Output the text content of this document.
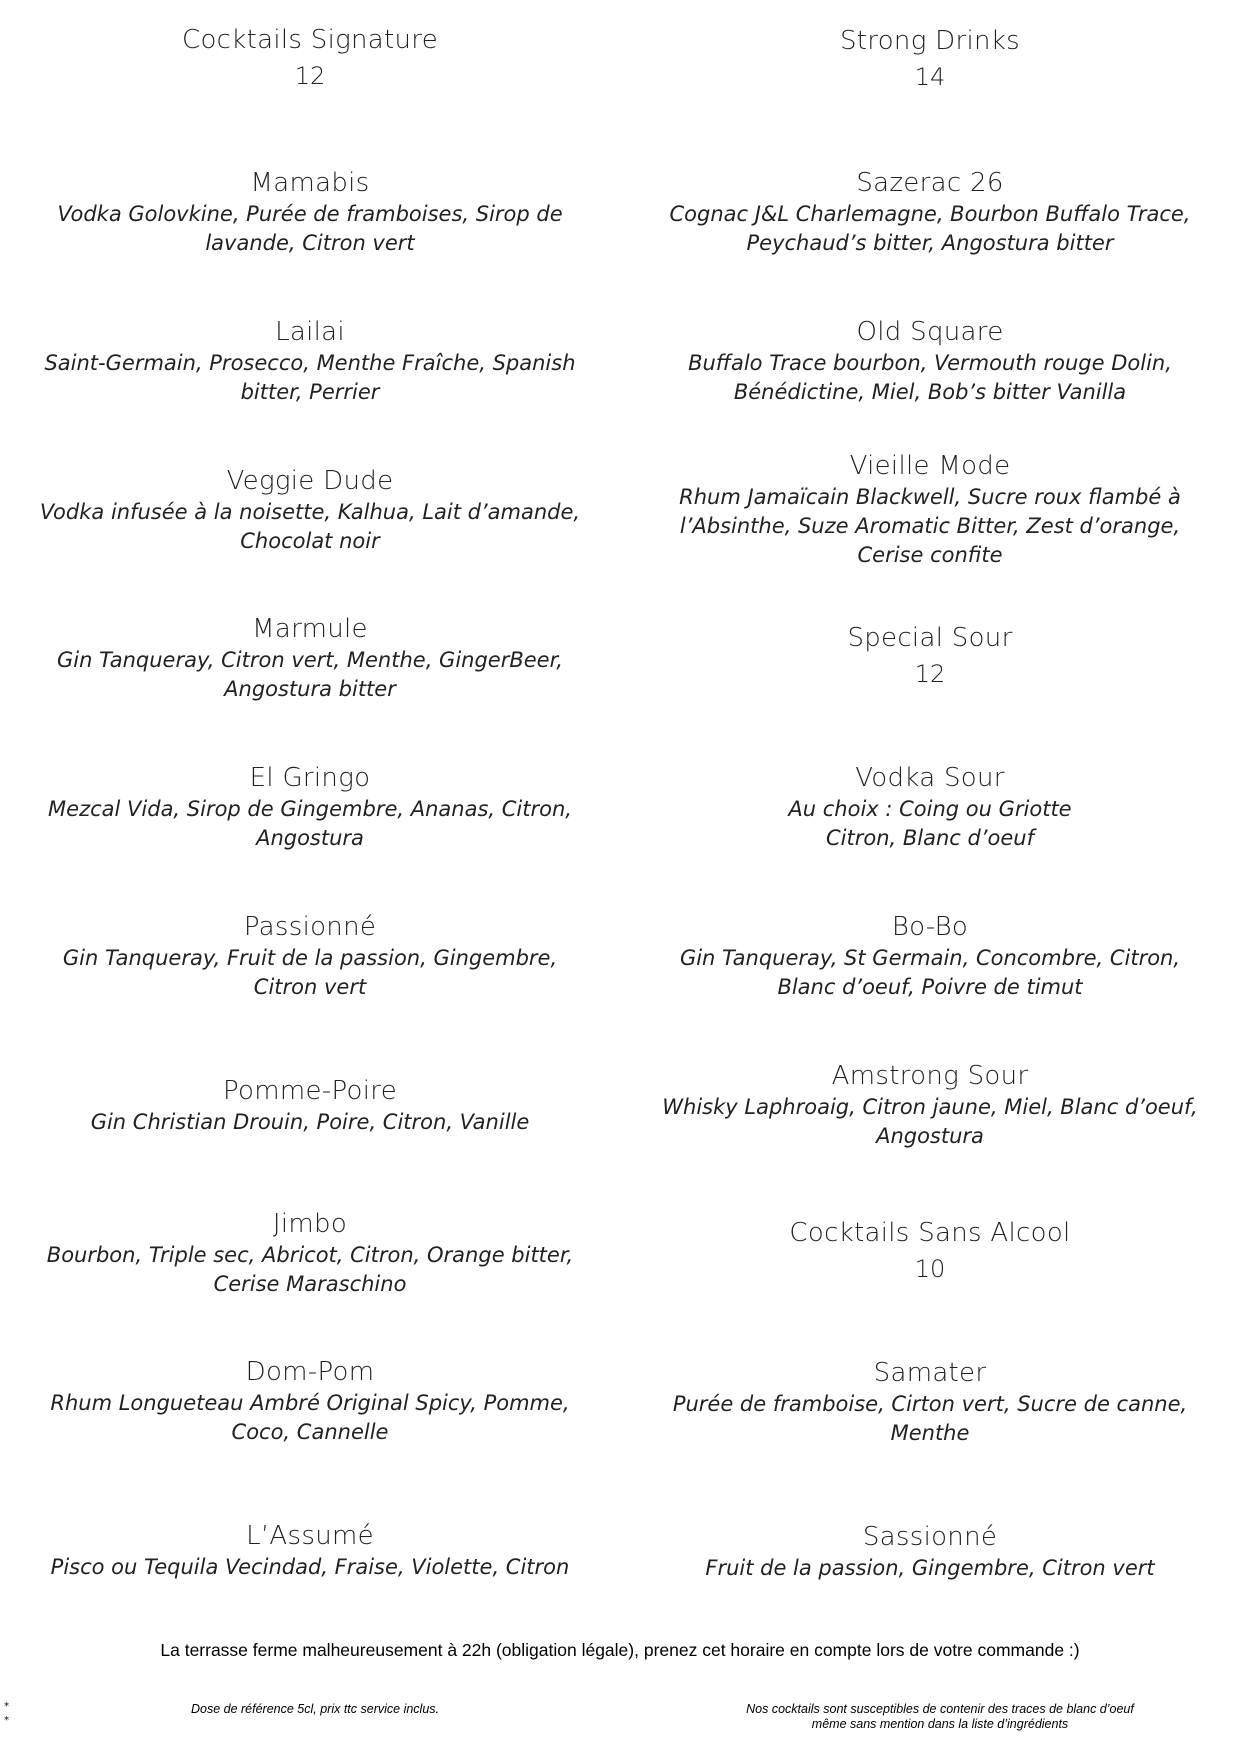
Cocktails Signature
12
Mamabis
Vodka Golovkine, Purée de framboises, Sirop de lavande, Citron vert
Lailai
Saint-Germain, Prosecco, Menthe Fraîche, Spanish bitter, Perrier
Veggie Dude
Vodka infusée à la noisette, Kalhua, Lait d’amande, Chocolat noir
Marmule
Gin Tanqueray, Citron vert, Menthe, GingerBeer, Angostura bitter
El Gringo
Mezcal Vida, Sirop de Gingembre, Ananas, Citron, Angostura
Passionné
Gin Tanqueray, Fruit de la passion, Gingembre, Citron vert
Pomme-Poire
Gin Christian Drouin, Poire, Citron, Vanille
Jimbo
Bourbon, Triple sec, Abricot, Citron, Orange bitter, Cerise Maraschino
Dom-Pom
Rhum Longueteau Ambré Original Spicy, Pomme, Coco, Cannelle
L’Assumé
Pisco ou Tequila Vecindad, Fraise, Violette, Citron
Strong Drinks
14
Sazerac 26
Cognac J&L Charlemagne, Bourbon Buffalo Trace, Peychaud’s bitter, Angostura bitter
Old Square
Buffalo Trace bourbon, Vermouth rouge Dolin, Bénédictine, Miel, Bob’s bitter Vanilla
Vieille Mode
Rhum Jamaïcain Blackwell, Sucre roux flambé à l’Absinthe, Suze Aromatic Bitter, Zest d’orange, Cerise confite
Special Sour
12
Vodka Sour
Au choix : Coing ou Griotte
Citron, Blanc d’oeuf
Bo-Bo
Gin Tanqueray, St Germain, Concombre, Citron, Blanc d’oeuf, Poivre de timut
Amstrong Sour
Whisky Laphroaig, Citron jaune, Miel, Blanc d’oeuf, Angostura
Cocktails Sans Alcool
10
Samater
Purée de framboise, Cirton vert, Sucre de canne, Menthe
Sassionné
Fruit de la passion, Gingembre, Citron vert
La terrasse ferme malheureusement à 22h (obligation légale), prenez cet horaire en compte lors de votre commande :)
*
*
Dose de référence 5cl, prix ttc service inclus.	Nos cocktails sont susceptibles de contenir des traces de blanc d’oeuf
même sans mention dans la liste d’ingrédients
